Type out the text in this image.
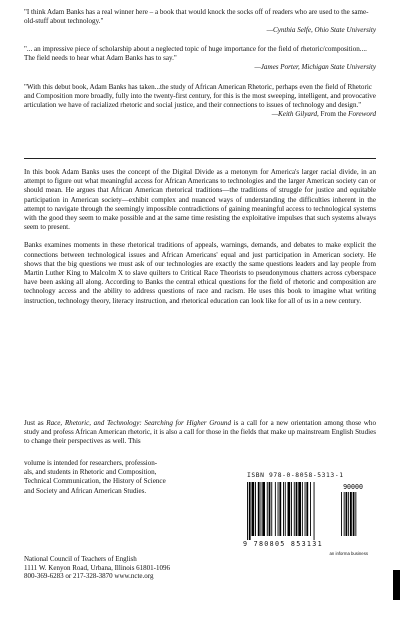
"I think Adam Banks has a real winner here – a book that would knock the socks off of readers who are used to the same-old-stuff about technology."

—Cynthia Selfe, Ohio State University

"... an impressive piece of scholarship about a neglected topic of huge importance for the field of rhetoric/composition.... The field needs to hear what Adam Banks has to say."

—James Porter, Michigan State University

"With this debut book, Adam Banks has taken...the study of African American Rhetoric, perhaps even the field of Rhetoric and Composition more broadly, fully into the twenty-first century, for this is the most sweeping, intelligent, and provocative articulation we have of racialized rhetoric and social justice, and their connections to issues of technology and design."

—Keith Gilyard, From the Foreword

In this book Adam Banks uses the concept of the Digital Divide as a metonym for America's larger racial divide, in an attempt to figure out what meaningful access for African Americans to technologies and the larger American society can or should mean. He argues that African American rhetorical traditions—the traditions of struggle for justice and equitable participation in American society—exhibit complex and nuanced ways of understanding the difficulties inherent in the attempt to navigate through the seemingly impossible contradictions of gaining meaningful access to technological systems with the good they seem to make possible and at the same time resisting the exploitative impulses that such systems always seem to present.

Banks examines moments in these rhetorical traditions of appeals, warnings, demands, and debates to make explicit the connections between technological issues and African Americans' equal and just participation in American society. He shows that the big questions we must ask of our technologies are exactly the same questions leaders and lay people from Martin Luther King to Malcolm X to slave quilters to Critical Race Theorists to pseudonymous chatters across cyberspace have been asking all along. According to Banks the central ethical questions for the field of rhetoric and composition are technology access and the ability to address questions of race and racism. He uses this book to imagine what writing instruction, technology theory, literacy instruction, and rhetorical education can look like for all of us in a new century.

Just as Race, Rhetoric, and Technology: Searching for Higher Ground is a call for a new orientation among those who study and profess African American rhetoric, it is also a call for those in the fields that make up mainstream English Studies to change their perspectives as well. This

volume is intended for researchers, profession-

als, and students in Rhetoric and Composition,

Technical Communication, the History of Science

and Society and African American Studies.

ISBN 978-0-8058-5313-1
90000
9 780805 853131
an informa business

National Council of Teachers of English

1111 W. Kenyon Road, Urbana, Illinois 61801-1096

800-369-6283 or 217-328-3870 www.ncte.org
